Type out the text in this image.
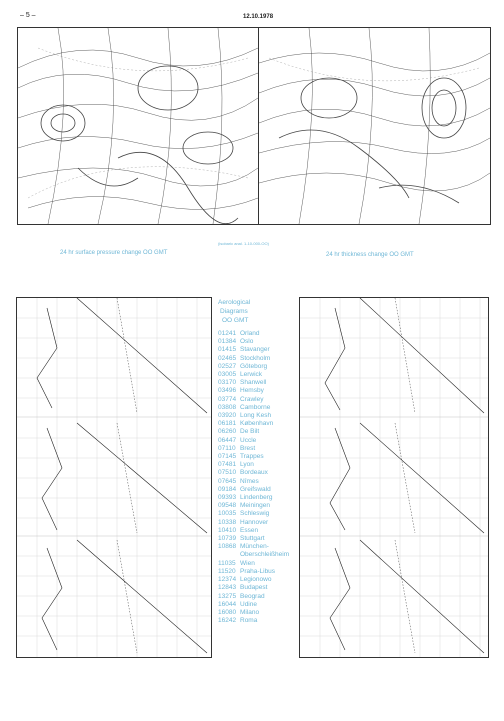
– 5 –	12.10.1978
24 hr surface pressure change OO GMT
(isobaric anal. 1-10-000-OO)
24 hr thickness change OO GMT
Aerological
Diagrams
OO GMT
01241 Orland
01384 Oslo
01415 Stavanger
02465 Stockholm
02527 Göteborg
03005 Lerwick
03170 Shanwell
03496 Hemsby
03774 Crawley
03808 Camborne
03920 Long Kesh
06181 København
06260 De Bilt
06447 Uccle
07110 Brest
07145 Trappes
07481 Lyon
07510 Bordeaux
07645 Nîmes
09184 Greifswald
09393 Lindenberg
09548 Meiningen
10035 Schleswig
10338 Hannover
10410 Essen
10739 Stuttgart
10868 München-
Oberschleißheim
11035 Wien
11520 Praha-Libus
12374 Legionowo
12843 Budapest
13275 Beograd
16044 Udine
16080 Milano
16242 Roma
